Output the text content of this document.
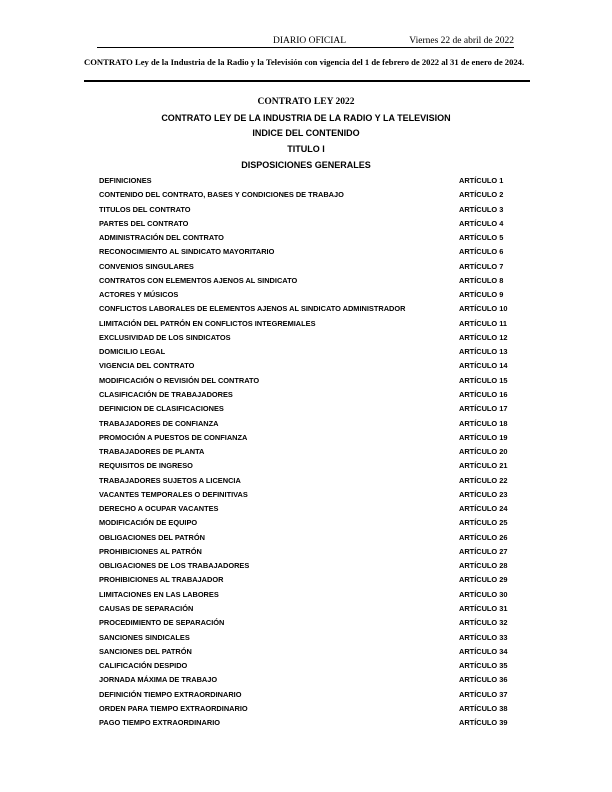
DIARIO OFICIAL	Viernes 22 de abril de 2022
CONTRATO Ley de la Industria de la Radio y la Televisión con vigencia del 1 de febrero de 2022 al 31 de enero de 2024.
CONTRATO LEY 2022
CONTRATO LEY DE LA INDUSTRIA DE LA RADIO Y LA TELEVISION
INDICE DEL CONTENIDO
TITULO I
DISPOSICIONES GENERALES
DEFINICIONES	ARTÍCULO 1
CONTENIDO DEL CONTRATO, BASES Y CONDICIONES DE TRABAJO	ARTÍCULO 2
TITULOS DEL CONTRATO	ARTÍCULO 3
PARTES DEL CONTRATO	ARTÍCULO 4
ADMINISTRACIÓN DEL CONTRATO	ARTÍCULO 5
RECONOCIMIENTO AL SINDICATO MAYORITARIO	ARTÍCULO 6
CONVENIOS SINGULARES	ARTÍCULO 7
CONTRATOS CON ELEMENTOS AJENOS AL SINDICATO	ARTÍCULO 8
ACTORES Y MÚSICOS	ARTÍCULO 9
CONFLICTOS LABORALES DE ELEMENTOS AJENOS AL SINDICATO ADMINISTRADOR	ARTÍCULO 10
LIMITACIÓN DEL PATRÓN EN CONFLICTOS INTEGREMIALES	ARTÍCULO 11
EXCLUSIVIDAD DE LOS SINDICATOS	ARTÍCULO 12
DOMICILIO LEGAL	ARTÍCULO 13
VIGENCIA DEL CONTRATO	ARTÍCULO 14
MODIFICACIÓN O REVISIÓN DEL CONTRATO	ARTÍCULO 15
CLASIFICACIÓN DE TRABAJADORES	ARTÍCULO 16
DEFINICION DE CLASIFICACIONES	ARTÍCULO 17
TRABAJADORES DE CONFIANZA	ARTÍCULO 18
PROMOCIÓN A PUESTOS DE CONFIANZA	ARTÍCULO 19
TRABAJADORES DE PLANTA	ARTÍCULO 20
REQUISITOS DE INGRESO	ARTÍCULO 21
TRABAJADORES SUJETOS A LICENCIA	ARTÍCULO 22
VACANTES TEMPORALES O DEFINITIVAS	ARTÍCULO 23
DERECHO A OCUPAR VACANTES	ARTÍCULO 24
MODIFICACIÓN DE EQUIPO	ARTÍCULO 25
OBLIGACIONES DEL PATRÓN	ARTÍCULO 26
PROHIBICIONES AL PATRÓN	ARTÍCULO 27
OBLIGACIONES DE LOS TRABAJADORES	ARTÍCULO 28
PROHIBICIONES AL TRABAJADOR	ARTÍCULO 29
LIMITACIONES EN LAS LABORES	ARTÍCULO 30
CAUSAS DE SEPARACIÓN	ARTÍCULO 31
PROCEDIMIENTO DE SEPARACIÓN	ARTÍCULO 32
SANCIONES SINDICALES	ARTÍCULO 33
SANCIONES DEL PATRÓN	ARTÍCULO 34
CALIFICACIÓN DESPIDO	ARTÍCULO 35
JORNADA MÁXIMA DE TRABAJO	ARTÍCULO 36
DEFINICIÓN TIEMPO EXTRAORDINARIO	ARTÍCULO 37
ORDEN PARA TIEMPO EXTRAORDINARIO	ARTÍCULO 38
PAGO TIEMPO EXTRAORDINARIO	ARTÍCULO 39
